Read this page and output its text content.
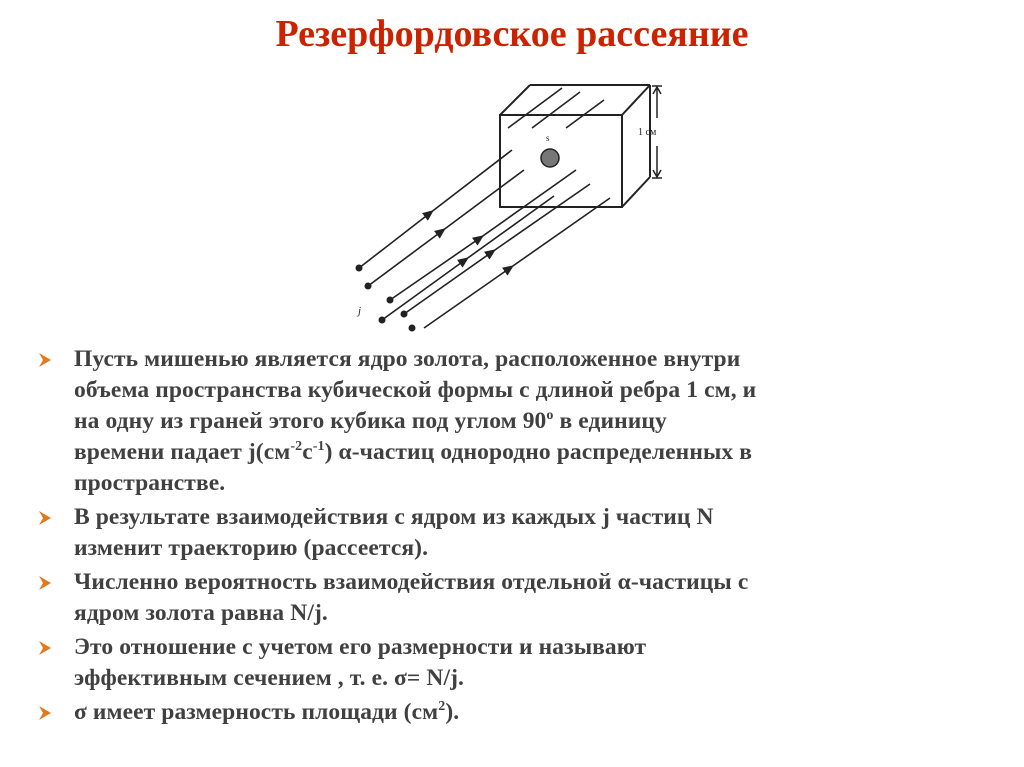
Резерфордовское рассеяние
1 см
s
j
Пусть мишенью является ядро золота, расположенное внутри
объема пространства кубической формы с длиной ребра 1 см, и
на одну из граней этого кубика под углом $90^о$ в единицу
времени падает $j(см^{-2}с^{-1})$ α-частиц однородно распределенных в
пространстве.
В результате взаимодействия с ядром из каждых j частиц N
изменит траекторию (рассеется).
Численно вероятность взаимодействия отдельной α-частицы с
ядром золота равна N/j.
Это отношение с учетом его размерности и называют
эффективным сечением , т. е. σ= N/j.
σ имеет размерность площади $(см^2)$.
